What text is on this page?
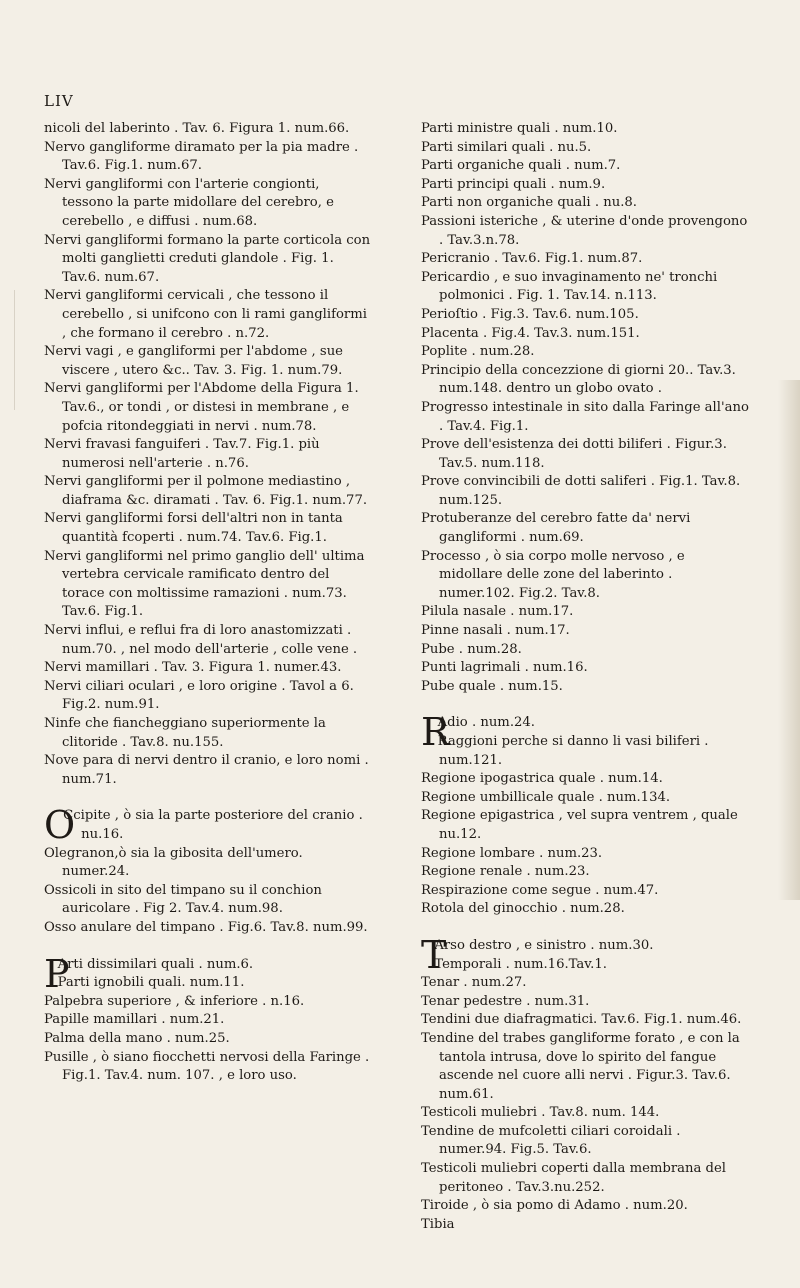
LIV

nicoli del laberinto . Tav. 6. Figura 1. num.66.

Nervo gangliforme diramato per la pia madre . Tav.6. Fig.1. num.67.

Nervi gangliformi con l'arterie congionti, tessono la parte midollare del cerebro, e cerebello , e diffusi . num.68.

Nervi gangliformi formano la parte corticola con molti ganglietti creduti glandole . Fig. 1. Tav.6. num.67.

Nervi gangliformi cervicali , che tessono il cerebello , si unifcono con li rami gangliformi , che formano il cerebro . n.72.

Nervi vagi , e gangliformi per l'abdome , sue viscere , utero &c.. Tav. 3. Fig. 1. num.79.

Nervi gangliformi per l'Abdome della Figura 1. Tav.6., or tondi , or distesi in membrane , e pofcia ritondeggiati in nervi . num.78.

Nervi fravasi fanguiferi . Tav.7. Fig.1. più numerosi nell'arterie . n.76.

Nervi gangliformi per il polmone mediastino , diaframa &c. diramati . Tav. 6. Fig.1. num.77.

Nervi gangliformi forsi dell'altri non in tanta quantità fcoperti . num.74. Tav.6. Fig.1.

Nervi gangliformi nel primo ganglio dell' ultima vertebra cervicale ramificato dentro del torace con moltissime ramazioni . num.73. Tav.6. Fig.1.

Nervi influi, e reflui fra di loro anastomizzati . num.70. , nel modo dell'arterie , colle vene .

Nervi mamillari . Tav. 3. Figura 1. numer.43.

Nervi ciliari oculari , e loro origine . Tavol a 6. Fig.2. num.91.

Ninfe che fiancheggiano superiormente la clitoride . Tav.8. nu.155.

Nove para di nervi dentro il cranio, e loro nomi . num.71.

O
Ccipite , ò sia la parte posteriore del cranio . nu.16.

Olegranon,ò sia la gibosita dell'umero. numer.24.

Ossicoli in sito del timpano su il conchion auricolare . Fig 2. Tav.4. num.98.

Osso anulare del timpano . Fig.6. Tav.8. num.99.

P
Arti dissimilari quali . num.6.

Parti ignobili quali. num.11.

Palpebra superiore , & inferiore . n.16.

Papille mamillari . num.21.

Palma della mano . num.25.

Pusille , ò siano fiocchetti nervosi della Faringe . Fig.1. Tav.4. num. 107. , e loro uso.

Parti ministre quali . num.10.

Parti similari quali . nu.5.

Parti organiche quali . num.7.

Parti principi quali . num.9.

Parti non organiche quali . nu.8.

Passioni isteriche , & uterine d'onde provengono . Tav.3.n.78.

Pericranio . Tav.6. Fig.1. num.87.

Pericardio , e suo invaginamento ne' tronchi polmonici . Fig. 1. Tav.14. n.113.

Perioſtio . Fig.3. Tav.6. num.105.

Placenta . Fig.4. Tav.3. num.151.

Poplite . num.28.

Principio della concezzione di giorni 20.. Tav.3. num.148. dentro un globo ovato .

Progresso intestinale in sito dalla Faringe all'ano . Tav.4. Fig.1.

Prove dell'esistenza dei dotti biliferi . Figur.3. Tav.5. num.118.

Prove convincibili de dotti saliferi . Fig.1. Tav.8. num.125.

Protuberanze del cerebro fatte da' nervi gangliformi . num.69.

Processo , ò sia corpo molle nervoso , e midollare delle zone del laberinto . numer.102. Fig.2. Tav.8.

Pilula nasale . num.17.

Pinne nasali . num.17.

Pube . num.28.

Punti lagrimali . num.16.

Pube quale . num.15.

R
Adio . num.24.

Raggioni perche si danno li vasi biliferi . num.121.

Regione ipogastrica quale . num.14.

Regione umbillicale quale . num.134.

Regione epigastrica , vel supra ventrem , quale nu.12.

Regione lombare . num.23.

Regione renale . num.23.

Respirazione come segue . num.47.

Rotola del ginocchio . num.28.

T
Arso destro , e sinistro . num.30.

Temporali . num.16.Tav.1.

Tenar . num.27.

Tenar pedestre . num.31.

Tendini due diafragmatici. Tav.6. Fig.1. num.46.

Tendine del trabes gangliforme forato , e con la tantola intrusa, dove lo spirito del fangue ascende nel cuore alli nervi . Figur.3. Tav.6. num.61.

Testicoli muliebri . Tav.8. num. 144.

Tendine de mufcoletti ciliari coroidali . numer.94. Fig.5. Tav.6.

Testicoli muliebri coperti dalla membrana del peritoneo . Tav.3.nu.252.

Tiroide , ò sia pomo di Adamo . num.20.

Tibia
